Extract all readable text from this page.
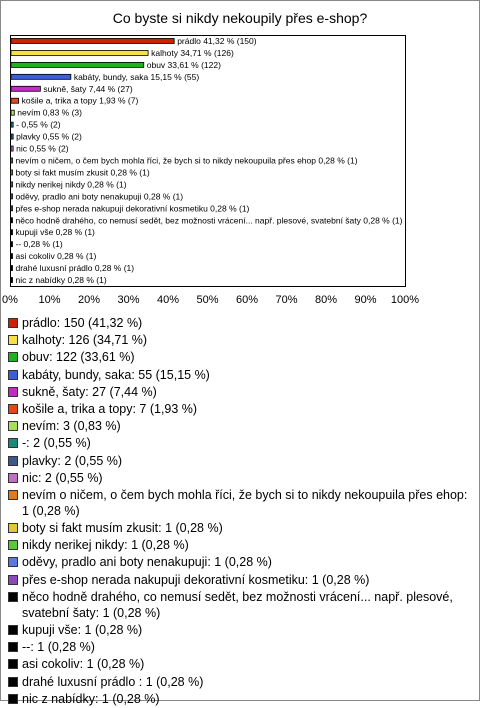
Co byste si nikdy nekoupily přes e-shop?
0% 10% 20% 30% 40% 50% 60% 70% 80% 90% 100%
prádlo 41,32 % (150)
kalhoty 34,71 % (126)
obuv 33,61 % (122)
kabáty, bundy, saka 15,15 % (55)
sukně, šaty 7,44 % (27)
košile a, trika a topy 1,93 % (7)
nevím 0,83 % (3)
- 0,55 % (2)
plavky 0,55 % (2)
nic 0,55 % (2)
nevím o ničem, o čem bych mohla říci, že bych si to nikdy nekoupuila přes ehop 0,28 % (1)
boty si fakt musím zkusit 0,28 % (1)
nikdy nerikej nikdy 0,28 % (1)
oděvy, pradlo ani boty nenakupuji 0,28 % (1)
přes e-shop nerada nakupuji dekorativní kosmetiku 0,28 % (1)
něco hodně drahého, co nemusí sedět, bez možnosti vrácení... např. plesové, svatební šaty 0,28 % (1)
kupuji vše 0,28 % (1)
-- 0,28 % (1)
asi cokoliv 0,28 % (1)
drahé luxusní prádlo 0,28 % (1)
nic z nabídky 0,28 % (1)
prádlo: 150 (41,32 %)
kalhoty: 126 (34,71 %)
obuv: 122 (33,61 %)
kabáty, bundy, saka: 55 (15,15 %)
sukně, šaty: 27 (7,44 %)
košile a, trika a topy: 7 (1,93 %)
nevím: 3 (0,83 %)
-: 2 (0,55 %)
plavky: 2 (0,55 %)
nic: 2 (0,55 %)
nevím o ničem, o čem bych mohla říci, že bych si to nikdy nekoupuila přes ehop: 1 (0,28 %)
boty si fakt musím zkusit: 1 (0,28 %)
nikdy nerikej nikdy: 1 (0,28 %)
oděvy, pradlo ani boty nenakupuji: 1 (0,28 %)
přes e-shop nerada nakupuji dekorativní kosmetiku: 1 (0,28 %)
něco hodně drahého, co nemusí sedět, bez možnosti vrácení... např. plesové, svatební šaty: 1 (0,28 %)
kupuji vše: 1 (0,28 %)
--: 1 (0,28 %)
asi cokoliv: 1 (0,28 %)
drahé luxusní prádlo : 1 (0,28 %)
nic z nabídky: 1 (0,28 %)
